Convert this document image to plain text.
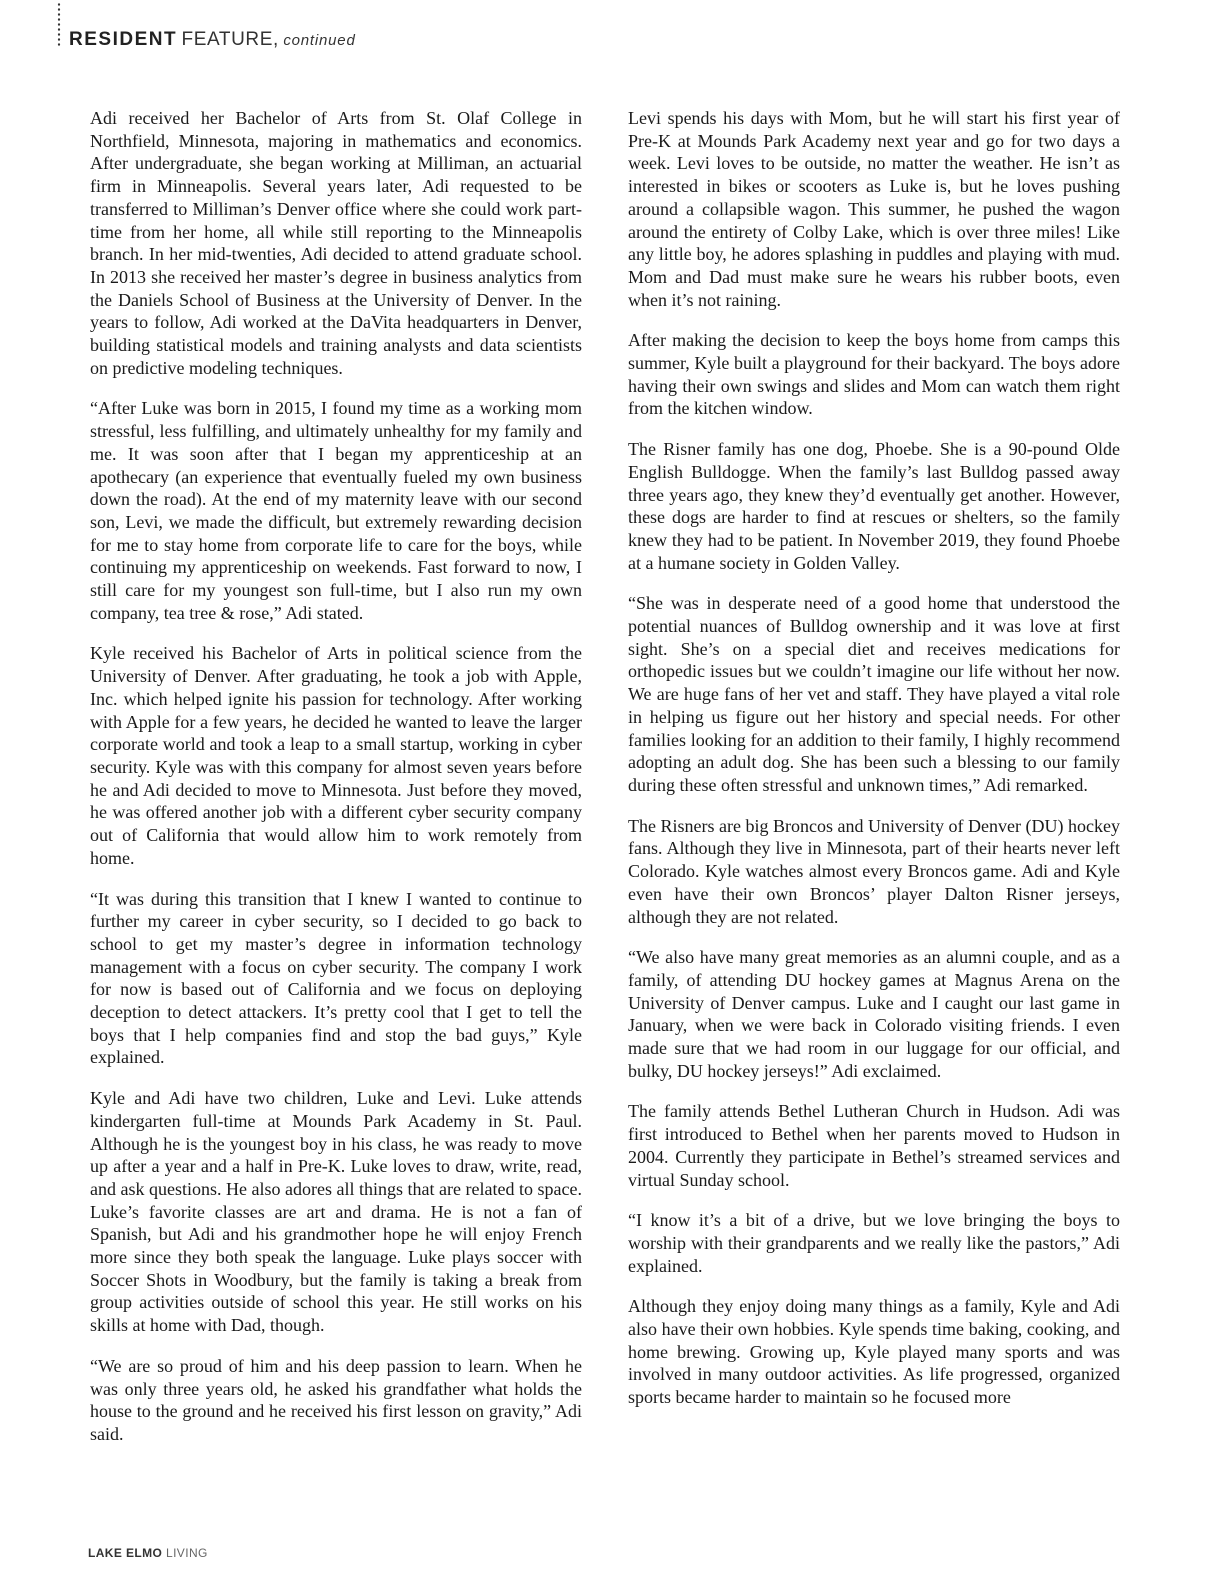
RESIDENT FEATURE, continued

Adi received her Bachelor of Arts from St. Olaf College in Northfield, Minnesota, majoring in mathematics and economics. After undergraduate, she began working at Milliman, an actuarial firm in Minneapolis. Several years later, Adi requested to be transferred to Milliman’s Denver office where she could work part-time from her home, all while still reporting to the Minneapolis branch. In her mid-twenties, Adi decided to attend graduate school. In 2013 she received her master’s degree in business analytics from the Daniels School of Business at the University of Denver. In the years to follow, Adi worked at the DaVita headquarters in Denver, building statistical models and training analysts and data scientists on predictive modeling techniques.

“After Luke was born in 2015, I found my time as a working mom stressful, less fulfilling, and ultimately unhealthy for my family and me. It was soon after that I began my apprenticeship at an apothecary (an experience that eventually fueled my own business down the road). At the end of my maternity leave with our second son, Levi, we made the difficult, but extremely rewarding decision for me to stay home from corporate life to care for the boys, while continuing my apprenticeship on weekends. Fast forward to now, I still care for my youngest son full-time, but I also run my own company, tea tree & rose,” Adi stated.

Kyle received his Bachelor of Arts in political science from the University of Denver. After graduating, he took a job with Apple, Inc. which helped ignite his passion for technology. After working with Apple for a few years, he decided he wanted to leave the larger corporate world and took a leap to a small startup, working in cyber security. Kyle was with this company for almost seven years before he and Adi decided to move to Minnesota. Just before they moved, he was offered another job with a different cyber security company out of California that would allow him to work remotely from home.

“It was during this transition that I knew I wanted to continue to further my career in cyber security, so I decided to go back to school to get my master’s degree in information technology management with a focus on cyber security. The company I work for now is based out of California and we focus on deploying deception to detect attackers. It’s pretty cool that I get to tell the boys that I help companies find and stop the bad guys,” Kyle explained.

Kyle and Adi have two children, Luke and Levi. Luke attends kindergarten full-time at Mounds Park Academy in St. Paul. Although he is the youngest boy in his class, he was ready to move up after a year and a half in Pre-K. Luke loves to draw, write, read, and ask questions. He also adores all things that are related to space. Luke’s favorite classes are art and drama. He is not a fan of Spanish, but Adi and his grandmother hope he will enjoy French more since they both speak the language. Luke plays soccer with Soccer Shots in Woodbury, but the family is taking a break from group activities outside of school this year. He still works on his skills at home with Dad, though.

“We are so proud of him and his deep passion to learn. When he was only three years old, he asked his grandfather what holds the house to the ground and he received his first lesson on gravity,” Adi said.

Levi spends his days with Mom, but he will start his first year of Pre-K at Mounds Park Academy next year and go for two days a week. Levi loves to be outside, no matter the weather. He isn’t as interested in bikes or scooters as Luke is, but he loves pushing around a collapsible wagon. This summer, he pushed the wagon around the entirety of Colby Lake, which is over three miles! Like any little boy, he adores splashing in puddles and playing with mud. Mom and Dad must make sure he wears his rubber boots, even when it’s not raining.

After making the decision to keep the boys home from camps this summer, Kyle built a playground for their backyard. The boys adore having their own swings and slides and Mom can watch them right from the kitchen window.

The Risner family has one dog, Phoebe. She is a 90-pound Olde English Bulldogge. When the family’s last Bulldog passed away three years ago, they knew they’d eventually get another. However, these dogs are harder to find at rescues or shelters, so the family knew they had to be patient. In November 2019, they found Phoebe at a humane society in Golden Valley.

“She was in desperate need of a good home that understood the potential nuances of Bulldog ownership and it was love at first sight. She’s on a special diet and receives medications for orthopedic issues but we couldn’t imagine our life without her now. We are huge fans of her vet and staff. They have played a vital role in helping us figure out her history and special needs. For other families looking for an addition to their family, I highly recommend adopting an adult dog. She has been such a blessing to our family during these often stressful and unknown times,” Adi remarked.

The Risners are big Broncos and University of Denver (DU) hockey fans. Although they live in Minnesota, part of their hearts never left Colorado. Kyle watches almost every Broncos game. Adi and Kyle even have their own Broncos’ player Dalton Risner jerseys, although they are not related.

“We also have many great memories as an alumni couple, and as a family, of attending DU hockey games at Magnus Arena on the University of Denver campus. Luke and I caught our last game in January, when we were back in Colorado visiting friends. I even made sure that we had room in our luggage for our official, and bulky, DU hockey jerseys!” Adi exclaimed.

The family attends Bethel Lutheran Church in Hudson. Adi was first introduced to Bethel when her parents moved to Hudson in 2004. Currently they participate in Bethel’s streamed services and virtual Sunday school.

“I know it’s a bit of a drive, but we love bringing the boys to worship with their grandparents and we really like the pastors,” Adi explained.

Although they enjoy doing many things as a family, Kyle and Adi also have their own hobbies. Kyle spends time baking, cooking, and home brewing. Growing up, Kyle played many sports and was involved in many outdoor activities. As life progressed, organized sports became harder to maintain so he focused more

LAKE ELMO LIVING
